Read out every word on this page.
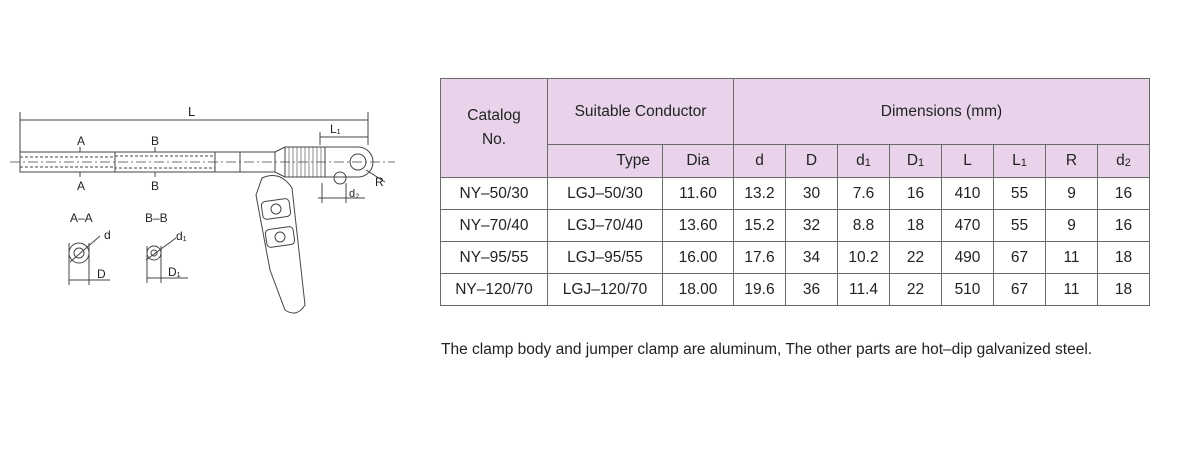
L
L₁
R
d₂
A
A
B
B
A–A	B–B
d
D
d₁
D₁
Catalog No.	Suitable Conductor		Dimensions (mm)							
	Type	Dia	d	D	$d_1$	$D_1$	L	$L_1$	R	$d_2$
NY–50/30	LGJ–50/30	11.60	13.2	30	7.6	16	410	55	9	16
NY–70/40	LGJ–70/40	13.60	15.2	32	8.8	18	470	55	9	16
NY–95/55	LGJ–95/55	16.00	17.6	34	10.2	22	490	67	11	18
NY–120/70	LGJ–120/70	18.00	19.6	36	11.4	22	510	67	11	18
The clamp body and jumper clamp are aluminum, The other parts are hot–dip galvanized steel.
